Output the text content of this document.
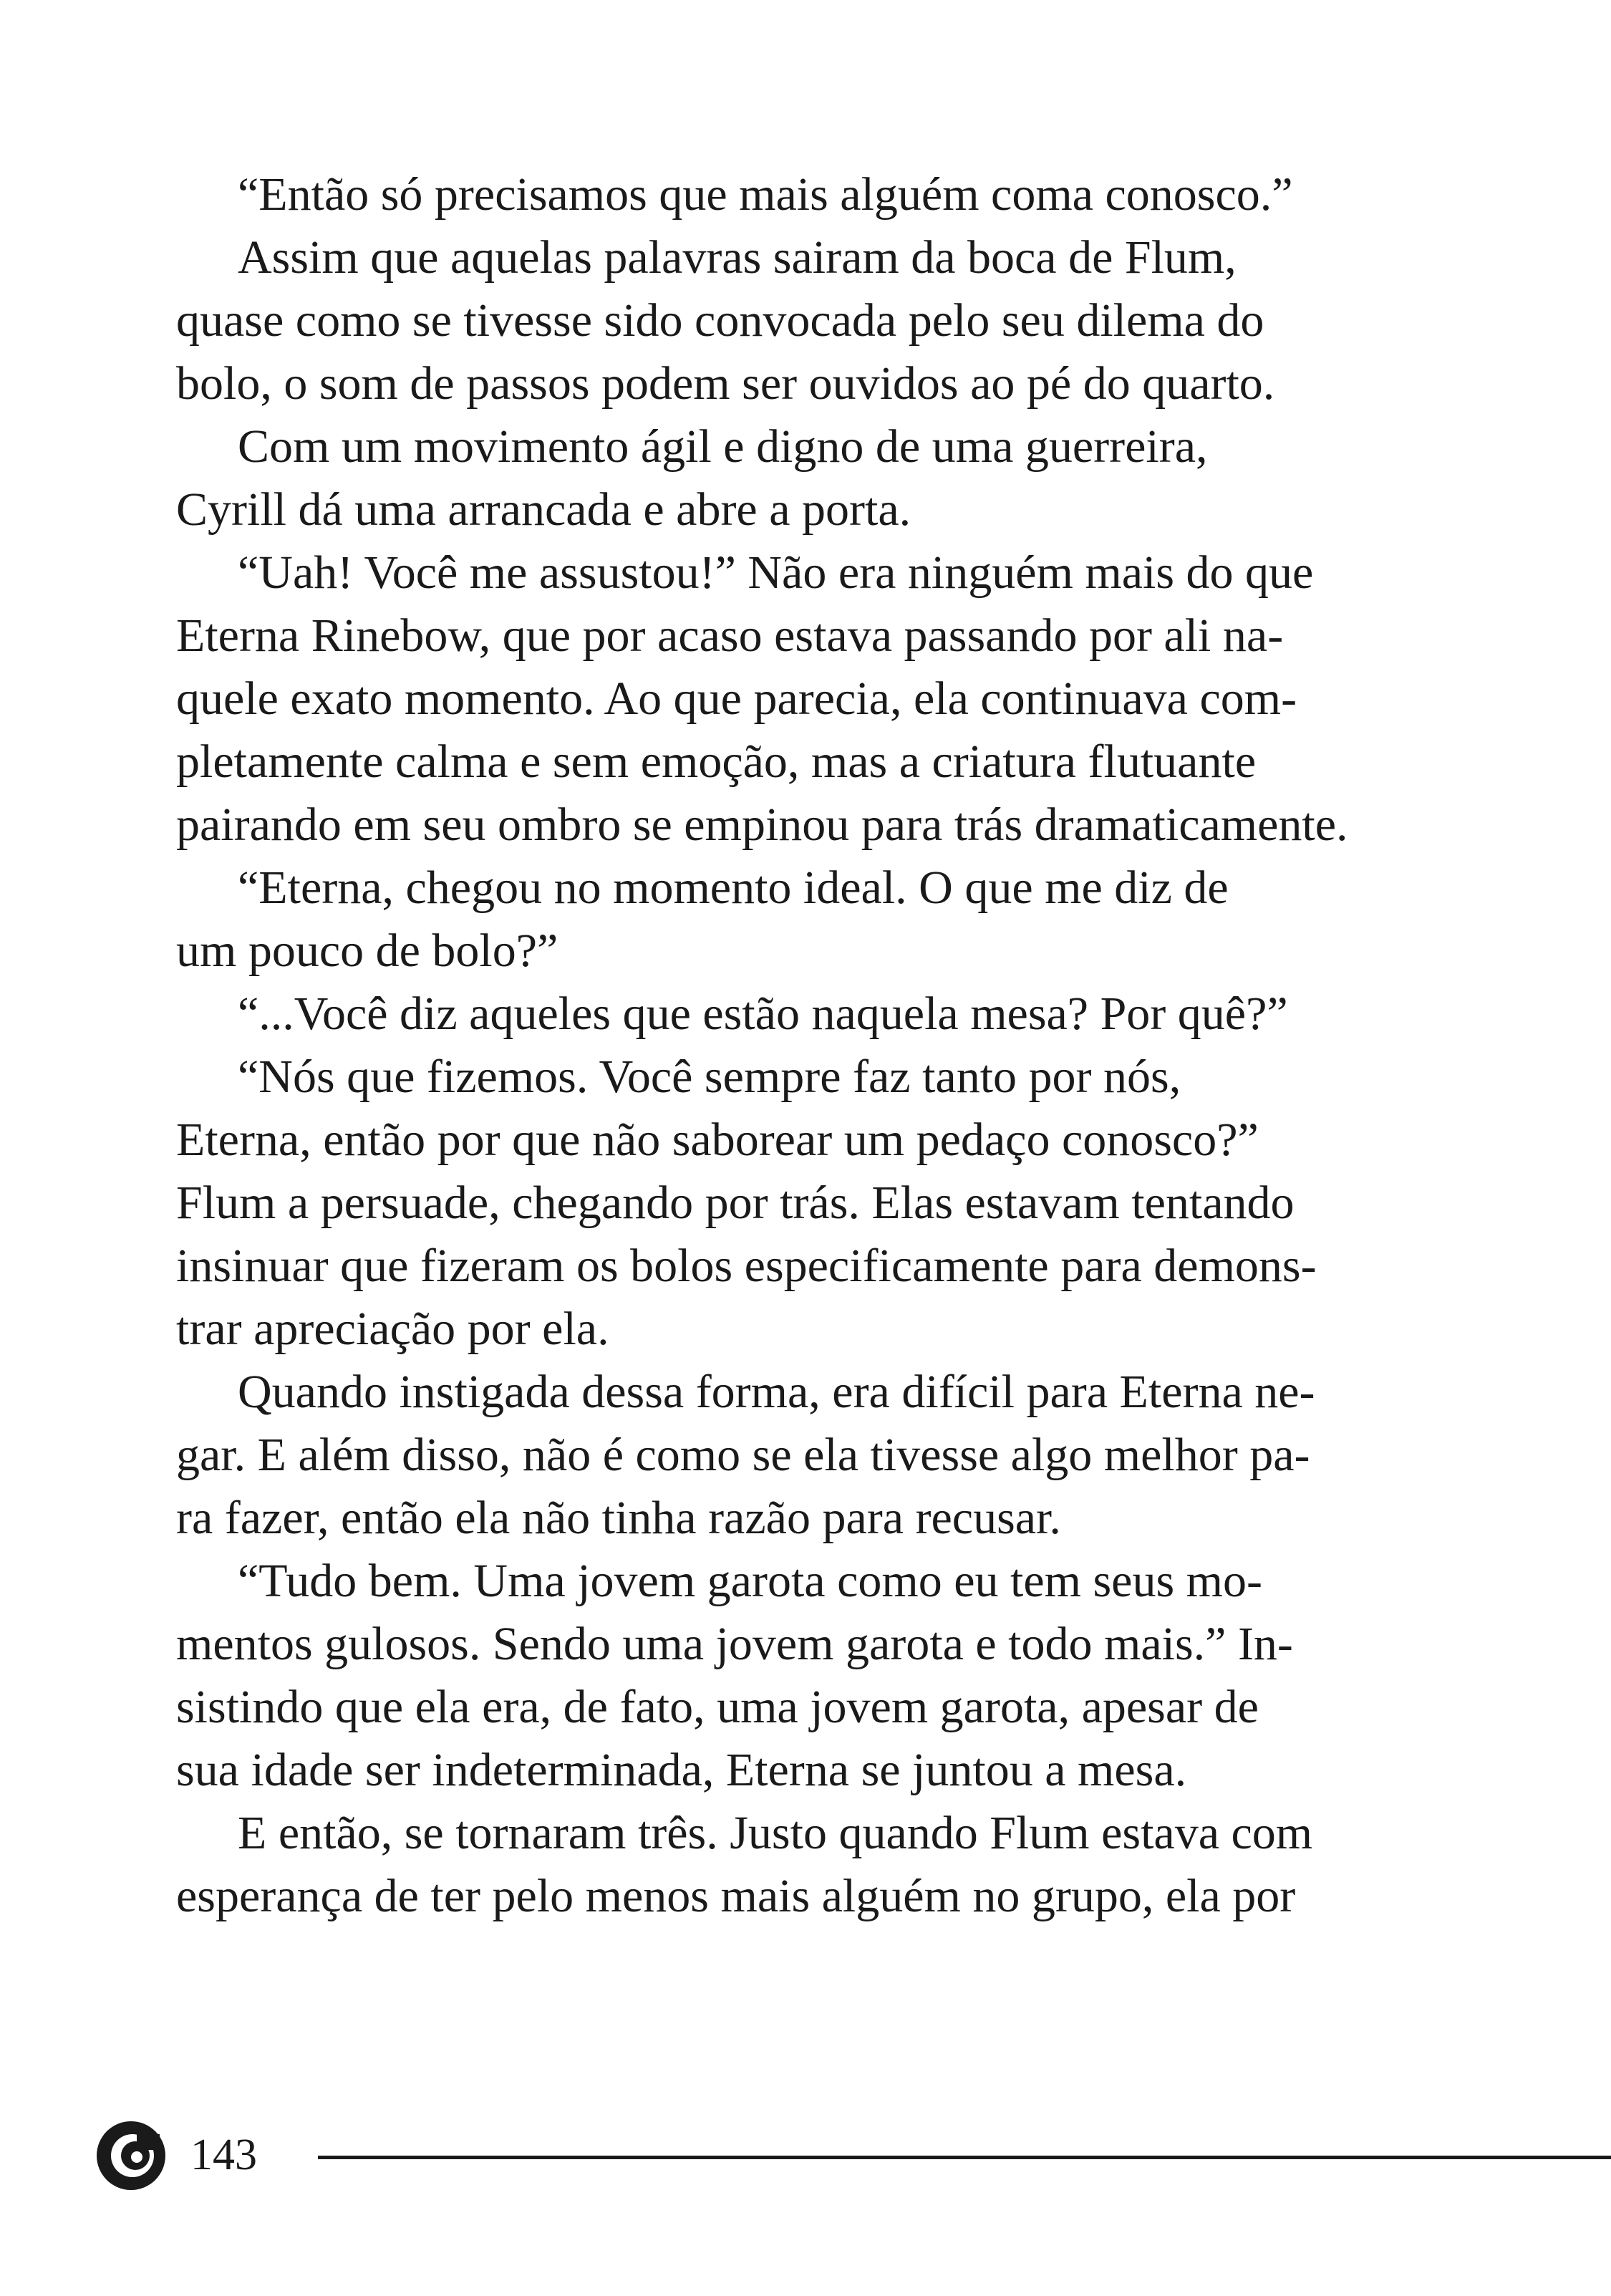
“Então só precisamos que mais alguém coma conosco.”
Assim que aquelas palavras sairam da boca de Flum,
quase como se tivesse sido convocada pelo seu dilema do
bolo, o som de passos podem ser ouvidos ao pé do quarto.
Com um movimento ágil e digno de uma guerreira,
Cyrill dá uma arrancada e abre a porta.
“Uah! Você me assustou!” Não era ninguém mais do que
Eterna Rinebow, que por acaso estava passando por ali na-
quele exato momento. Ao que parecia, ela continuava com-
pletamente calma e sem emoção, mas a criatura flutuante
pairando em seu ombro se empinou para trás dramaticamente.
“Eterna, chegou no momento ideal. O que me diz de
um pouco de bolo?”
“...Você diz aqueles que estão naquela mesa? Por quê?”
“Nós que fizemos. Você sempre faz tanto por nós,
Eterna, então por que não saborear um pedaço conosco?”
Flum a persuade, chegando por trás. Elas estavam tentando
insinuar que fizeram os bolos especificamente para demons-
trar apreciação por ela.
Quando instigada dessa forma, era difícil para Eterna ne-
gar. E além disso, não é como se ela tivesse algo melhor pa-
ra fazer, então ela não tinha razão para recusar.
“Tudo bem. Uma jovem garota como eu tem seus mo-
mentos gulosos. Sendo uma jovem garota e todo mais.” In-
sistindo que ela era, de fato, uma jovem garota, apesar de
sua idade ser indeterminada, Eterna se juntou a mesa.
E então, se tornaram três. Justo quando Flum estava com
esperança de ter pelo menos mais alguém no grupo, ela por
143
